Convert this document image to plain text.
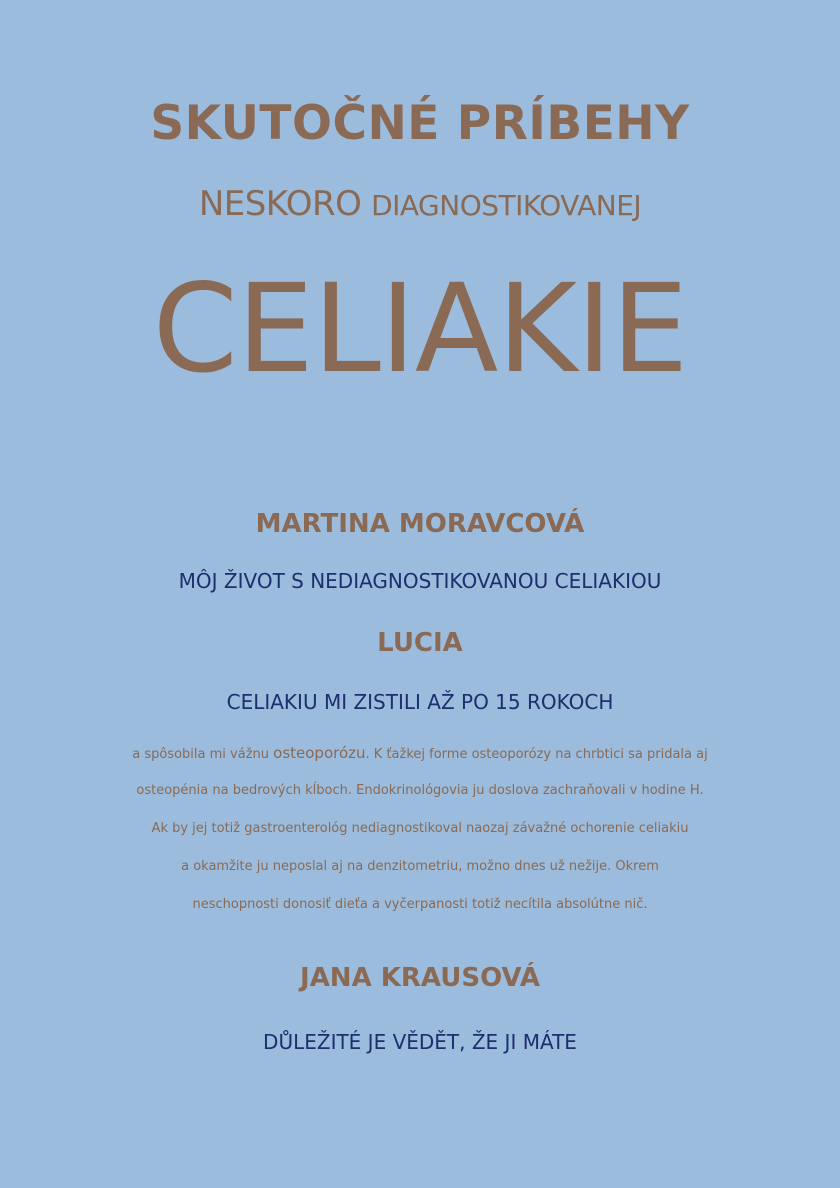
SKUTOČNÉ PRÍBEHY
NESKORO DIAGNOSTIKOVANEJ
CELIAKIE
MARTINA MORAVCOVÁ
MÔJ ŽIVOT S NEDIAGNOSTIKOVANOU CELIAKIOU
LUCIA
CELIAKIU MI ZISTILI AŽ PO 15 ROKOCH
a spôsobila mi vážnu osteoporózu. K ťažkej forme osteoporózy na chrbtici sa pridala aj
osteopénia na bedrových kĺboch. Endokrinológovia ju doslova zachraňovali v hodine H.
Ak by jej totiž gastroenterológ nediagnostikoval naozaj závažné ochorenie celiakiu
a okamžite ju neposlal aj na denzitometriu, možno dnes už nežije. Okrem
neschopnosti donosiť dieťa a vyčerpanosti totiž necítila absolútne nič.
JANA KRAUSOVÁ
DŮLEŽITÉ JE VĚDĚT, ŽE JI MÁTE
